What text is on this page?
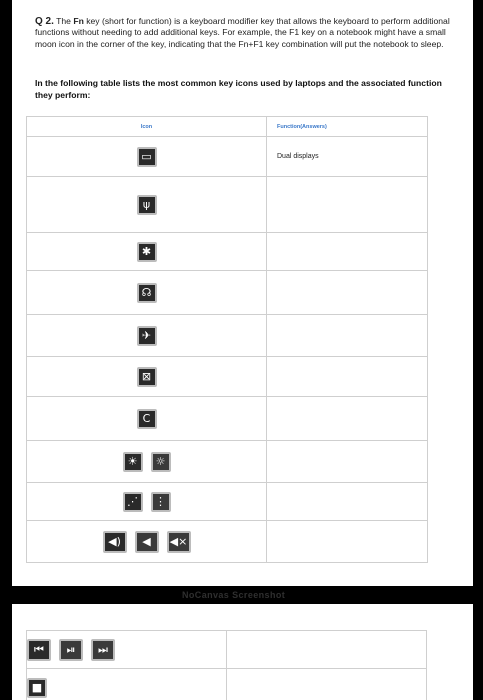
Q 2. The Fn key (short for function) is a keyboard modifier key that allows the keyboard to perform additional functions without needing to add additional keys. For example, the F1 key on a notebook might have a small moon icon in the corner of the key, indicating that the Fn+F1 key combination will put the notebook to sleep.

In the following table lists the most common key icons used by laptops and the associated function they perform:

Icon	Function(Answers)

▭	Dual displays

ψ	

✱	

☊	

✈	

⊠	

C	

☀ ☼	

⋰ ⋮	

◀) ◀ ◀×	

NoCanvas Screenshot
⏮ ⏯ ⏭	

■	
